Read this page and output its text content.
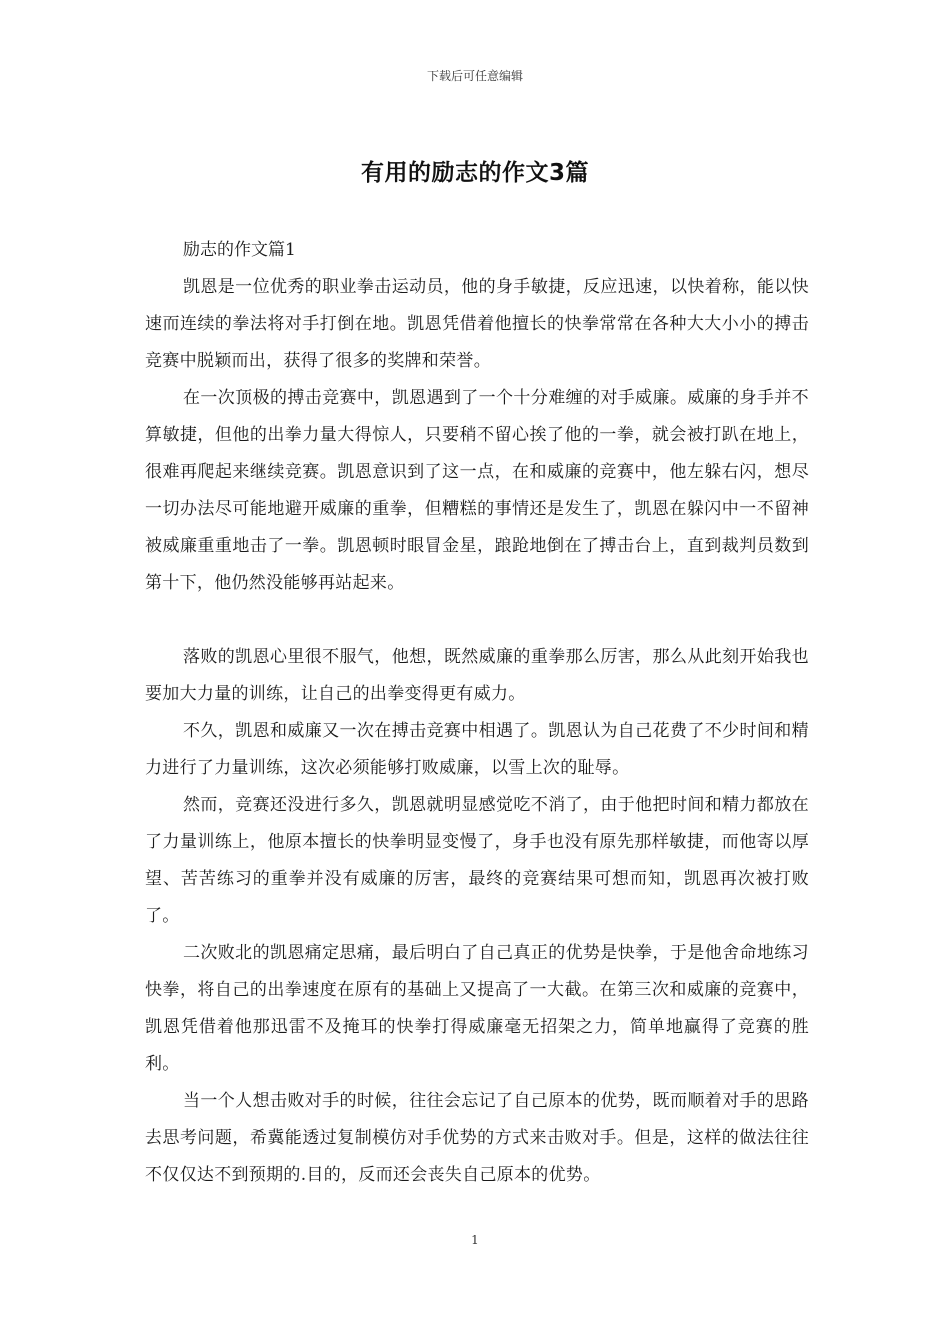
下载后可任意编辑
有用的励志的作文3篇

励志的作文篇1

凯恩是一位优秀的职业拳击运动员，他的身手敏捷，反应迅速，以快着称，能以快速而连续的拳法将对手打倒在地。凯恩凭借着他擅长的快拳常常在各种大大小小的搏击竞赛中脱颖而出，获得了很多的奖牌和荣誉。

在一次顶极的搏击竞赛中，凯恩遇到了一个十分难缠的对手威廉。威廉的身手并不算敏捷，但他的出拳力量大得惊人，只要稍不留心挨了他的一拳，就会被打趴在地上，很难再爬起来继续竞赛。凯恩意识到了这一点，在和威廉的竞赛中，他左躲右闪，想尽一切办法尽可能地避开威廉的重拳，但糟糕的事情还是发生了，凯恩在躲闪中一不留神被威廉重重地击了一拳。凯恩顿时眼冒金星，踉跄地倒在了搏击台上，直到裁判员数到第十下，他仍然没能够再站起来。

落败的凯恩心里很不服气，他想，既然威廉的重拳那么厉害，那么从此刻开始我也要加大力量的训练，让自己的出拳变得更有威力。

不久，凯恩和威廉又一次在搏击竞赛中相遇了。凯恩认为自己花费了不少时间和精力进行了力量训练，这次必须能够打败威廉，以雪上次的耻辱。

然而，竞赛还没进行多久，凯恩就明显感觉吃不消了，由于他把时间和精力都放在了力量训练上，他原本擅长的快拳明显变慢了，身手也没有原先那样敏捷，而他寄以厚望、苦苦练习的重拳并没有威廉的厉害，最终的竞赛结果可想而知，凯恩再次被打败了。

二次败北的凯恩痛定思痛，最后明白了自己真正的优势是快拳，于是他舍命地练习快拳，将自己的出拳速度在原有的基础上又提高了一大截。在第三次和威廉的竞赛中，凯恩凭借着他那迅雷不及掩耳的快拳打得威廉毫无招架之力，简单地赢得了竞赛的胜利。

当一个人想击败对手的时候，往往会忘记了自己原本的优势，既而顺着对手的思路去思考问题，希冀能透过复制模仿对手优势的方式来击败对手。但是，这样的做法往往不仅仅达不到预期的.目的，反而还会丧失自己原本的优势。

1
